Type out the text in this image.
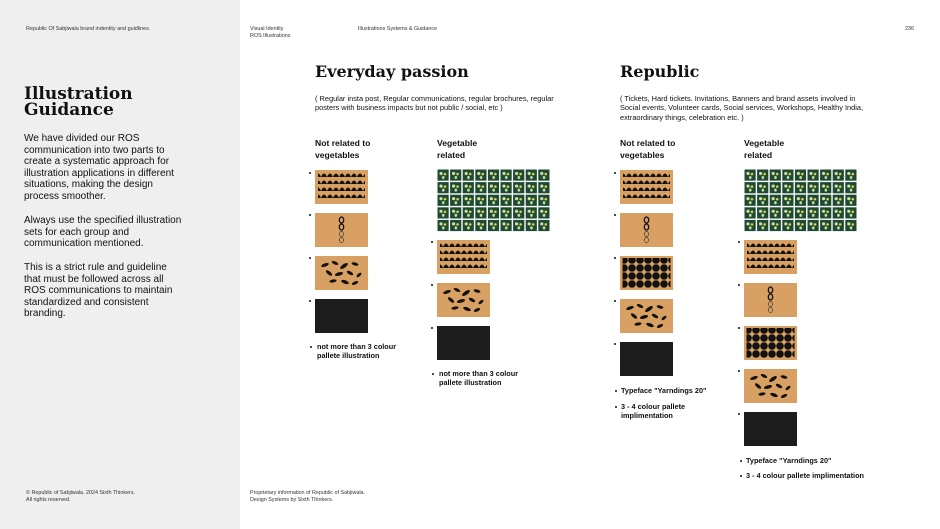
Republic Of Sabjiwala brand indentity and guidlines.	Visual Identity
ROS Illustrations
Illustrations Systems & Guidance	236
Illustration
Guidance

We have divided our ROS communication into two parts to create a systematic approach for illustration applications in different situations, making the design process smoother.

Always use the specified illustration sets for each group and communication mentioned.

This is a strict rule and guideline that must be followed across all ROS communications to maintain standardized and consistent branding.

Everyday passion

( Regular insta post, Regular communications, regular brochures, regular posters with business impacts but not public / social, etc )

Not related to
vegetables
Vegetable
related
not more than 3 colour
pallete illustration
not more than 3 colour
pallete illustration
Republic

( Tickets, Hard tickets. Invitations, Banners and brand assets involved in Social events, Volunteer cards, Social services, Workshops, Healthy India, extraordinary things, celebration etc. )

Not related to
vegetables
Vegetable
related
Typeface "Yarndings 20"
3 - 4 colour pallete
implimentation
Typeface "Yarndings 20"
3 - 4 colour pallete implimentation
© Republic of Sabjiwala. 2024 Sixth Thinkers.
All rights reserved.
Proprietary information of Republic of Sabjiwala.
Design Systems by Sixth Thinkers.
